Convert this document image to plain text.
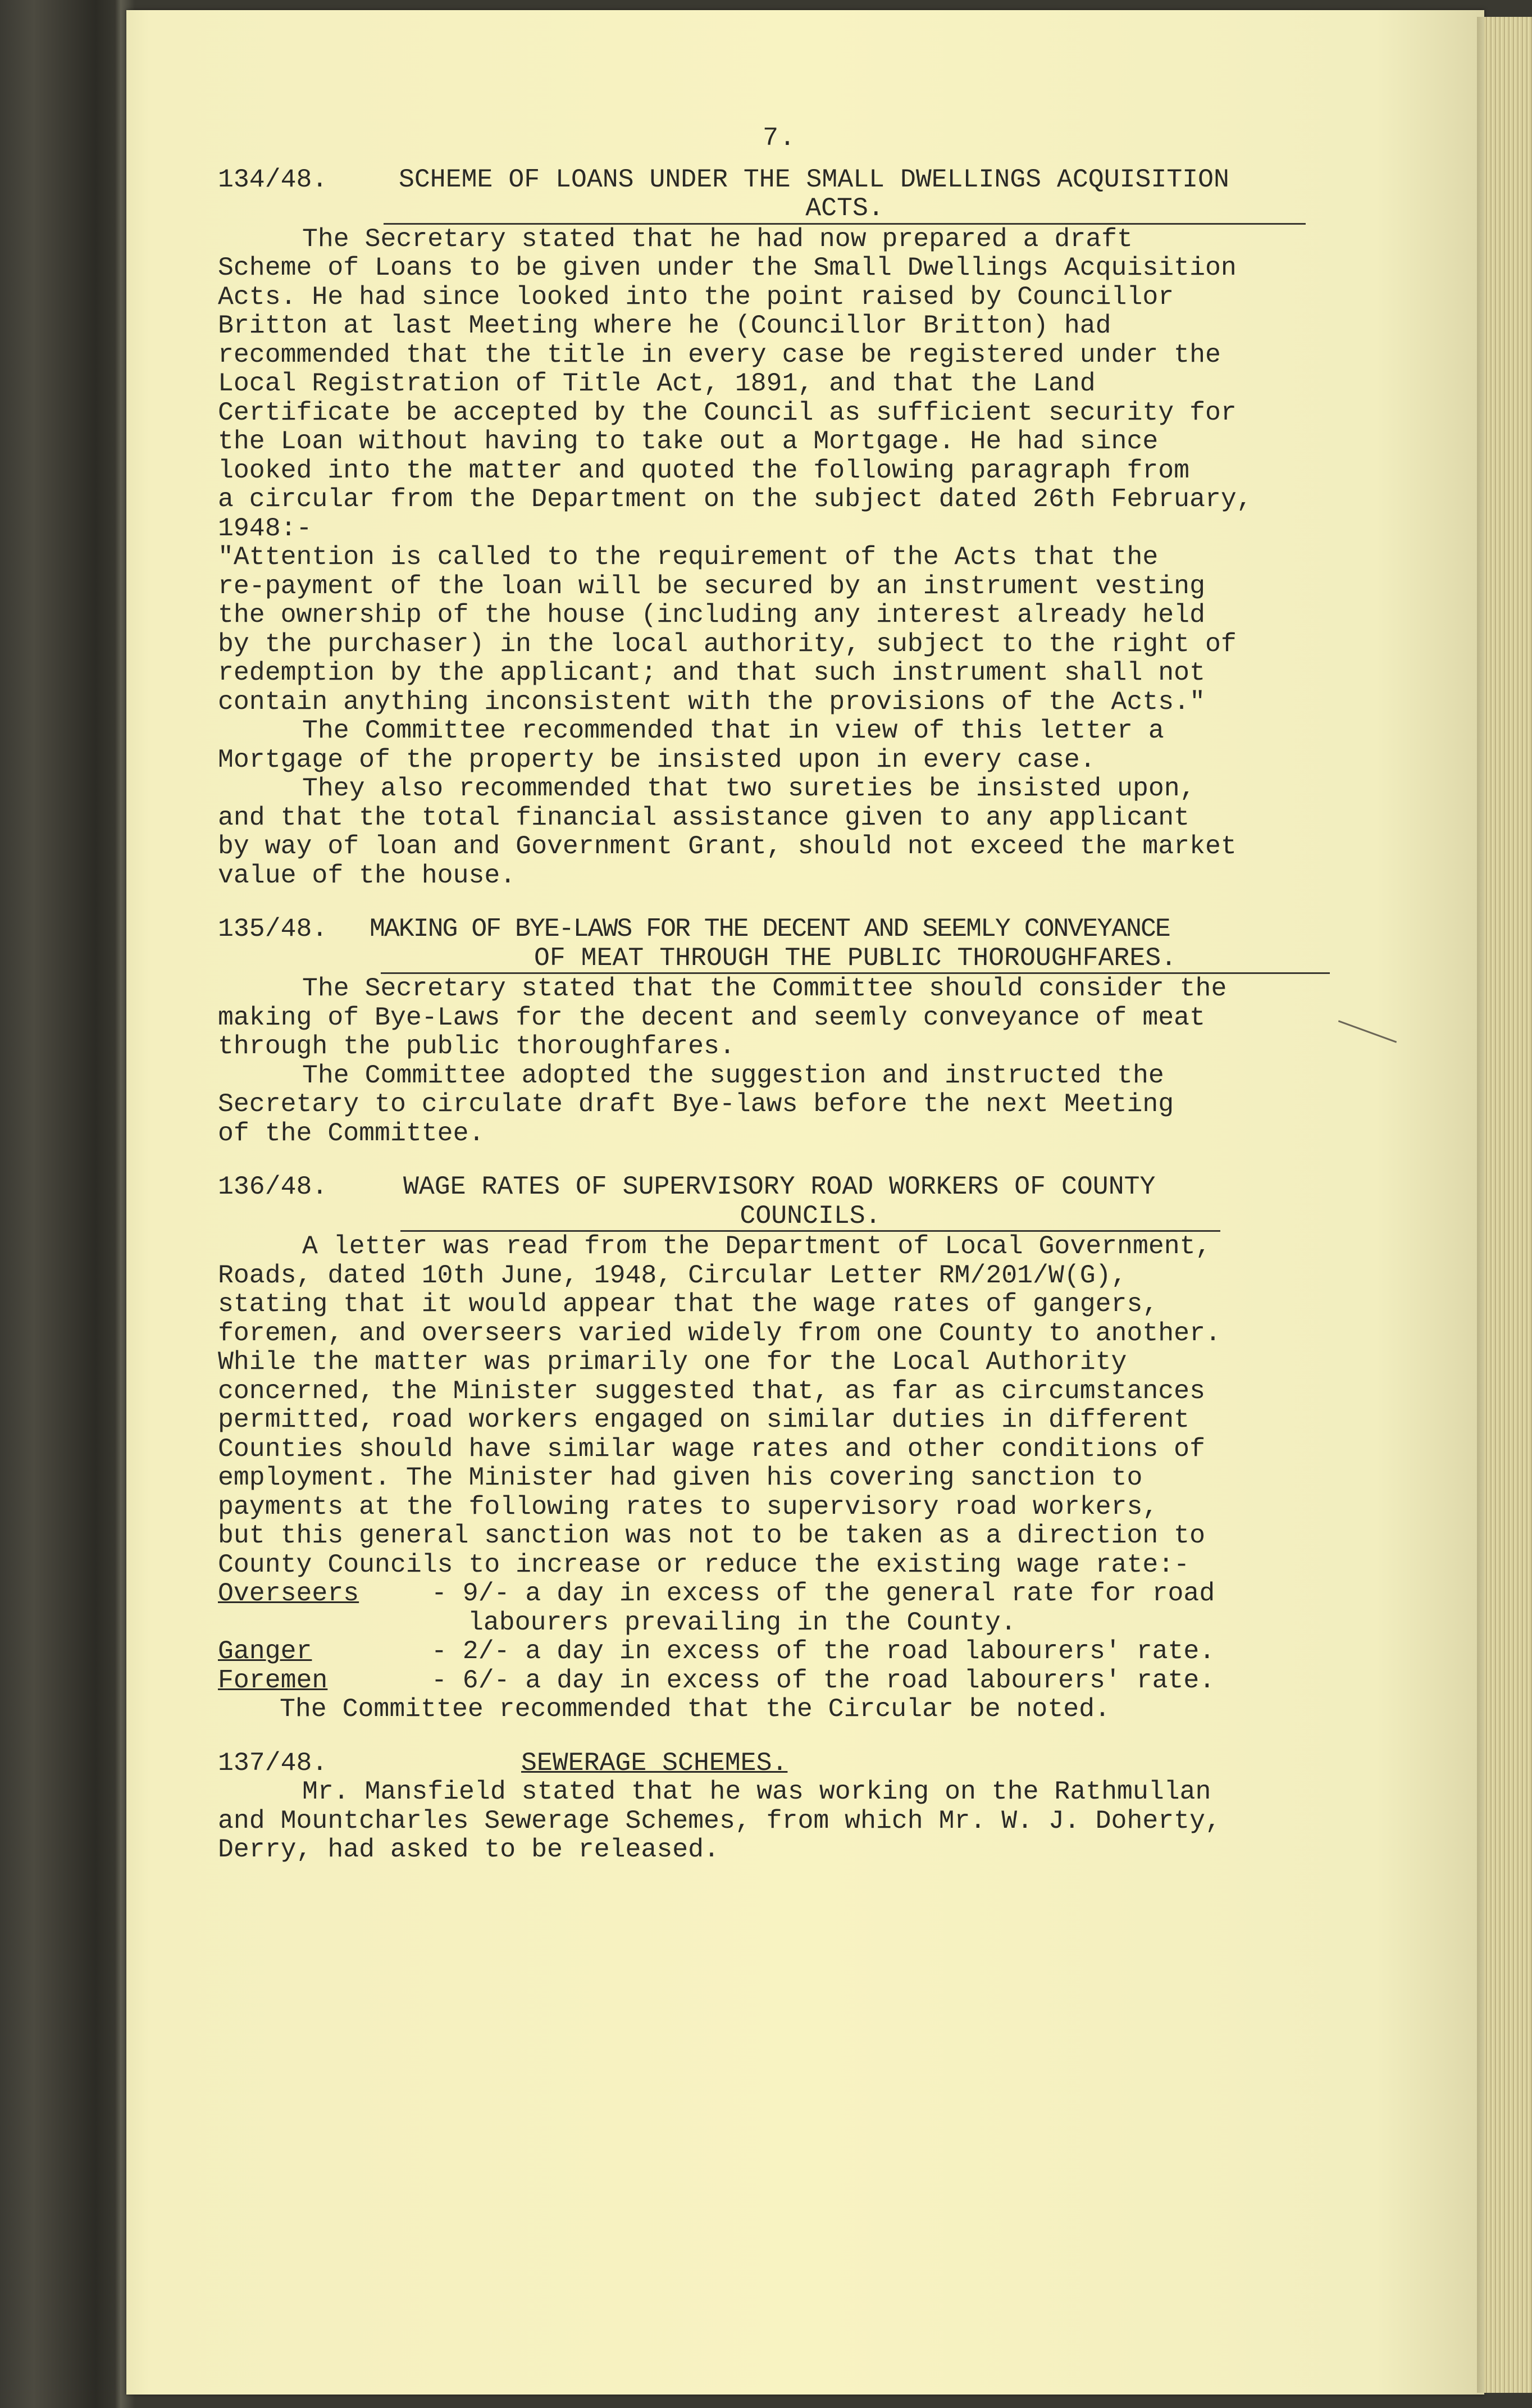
7.
134/48.	SCHEME OF LOANS UNDER THE SMALL DWELLINGS ACQUISITION
ACTS.
The Secretary stated that he had now prepared a draft
Scheme of Loans to be given under the Small Dwellings Acquisition
Acts. He had since looked into the point raised by Councillor
Britton at last Meeting where he (Councillor Britton) had
recommended that the title in every case be registered under the
Local Registration of Title Act, 1891, and that the Land
Certificate be accepted by the Council as sufficient security for
the Loan without having to take out a Mortgage. He had since
looked into the matter and quoted the following paragraph from
a circular from the Department on the subject dated 26th February,
1948:-
"Attention is called to the requirement of the Acts that the
re-payment of the loan will be secured by an instrument vesting
the ownership of the house (including any interest already held
by the purchaser) in the local authority, subject to the right of
redemption by the applicant; and that such instrument shall not
contain anything inconsistent with the provisions of the Acts."
The Committee recommended that in view of this letter a
Mortgage of the property be insisted upon in every case.
They also recommended that two sureties be insisted upon,
and that the total financial assistance given to any applicant
by way of loan and Government Grant, should not exceed the market
value of the house.
135/48. MAKING OF BYE-LAWS FOR THE DECENT AND SEEMLY CONVEYANCE
OF MEAT THROUGH THE PUBLIC THOROUGHFARES.
The Secretary stated that the Committee should consider the
making of Bye-Laws for the decent and seemly conveyance of meat
through the public thoroughfares.
The Committee adopted the suggestion and instructed the
Secretary to circulate draft Bye-laws before the next Meeting
of the Committee.
136/48.	WAGE RATES OF SUPERVISORY ROAD WORKERS OF COUNTY
COUNCILS.
A letter was read from the Department of Local Government,
Roads, dated 10th June, 1948, Circular Letter RM/201/W(G),
stating that it would appear that the wage rates of gangers,
foremen, and overseers varied widely from one County to another.
While the matter was primarily one for the Local Authority
concerned, the Minister suggested that, as far as circumstances
permitted, road workers engaged on similar duties in different
Counties should have similar wage rates and other conditions of
employment. The Minister had given his covering sanction to
payments at the following rates to supervisory road workers,
but this general sanction was not to be taken as a direction to
County Councils to increase or reduce the existing wage rate:-
Overseers	- 9/- a day in excess of the general rate for road
labourers prevailing in the County.
Ganger	- 2/- a day in excess of the road labourers' rate.
Foremen	- 6/- a day in excess of the road labourers' rate.
The Committee recommended that the Circular be noted.
137/48.	SEWERAGE SCHEMES.
Mr. Mansfield stated that he was working on the Rathmullan
and Mountcharles Sewerage Schemes, from which Mr. W. J. Doherty,
Derry, had asked to be released.
